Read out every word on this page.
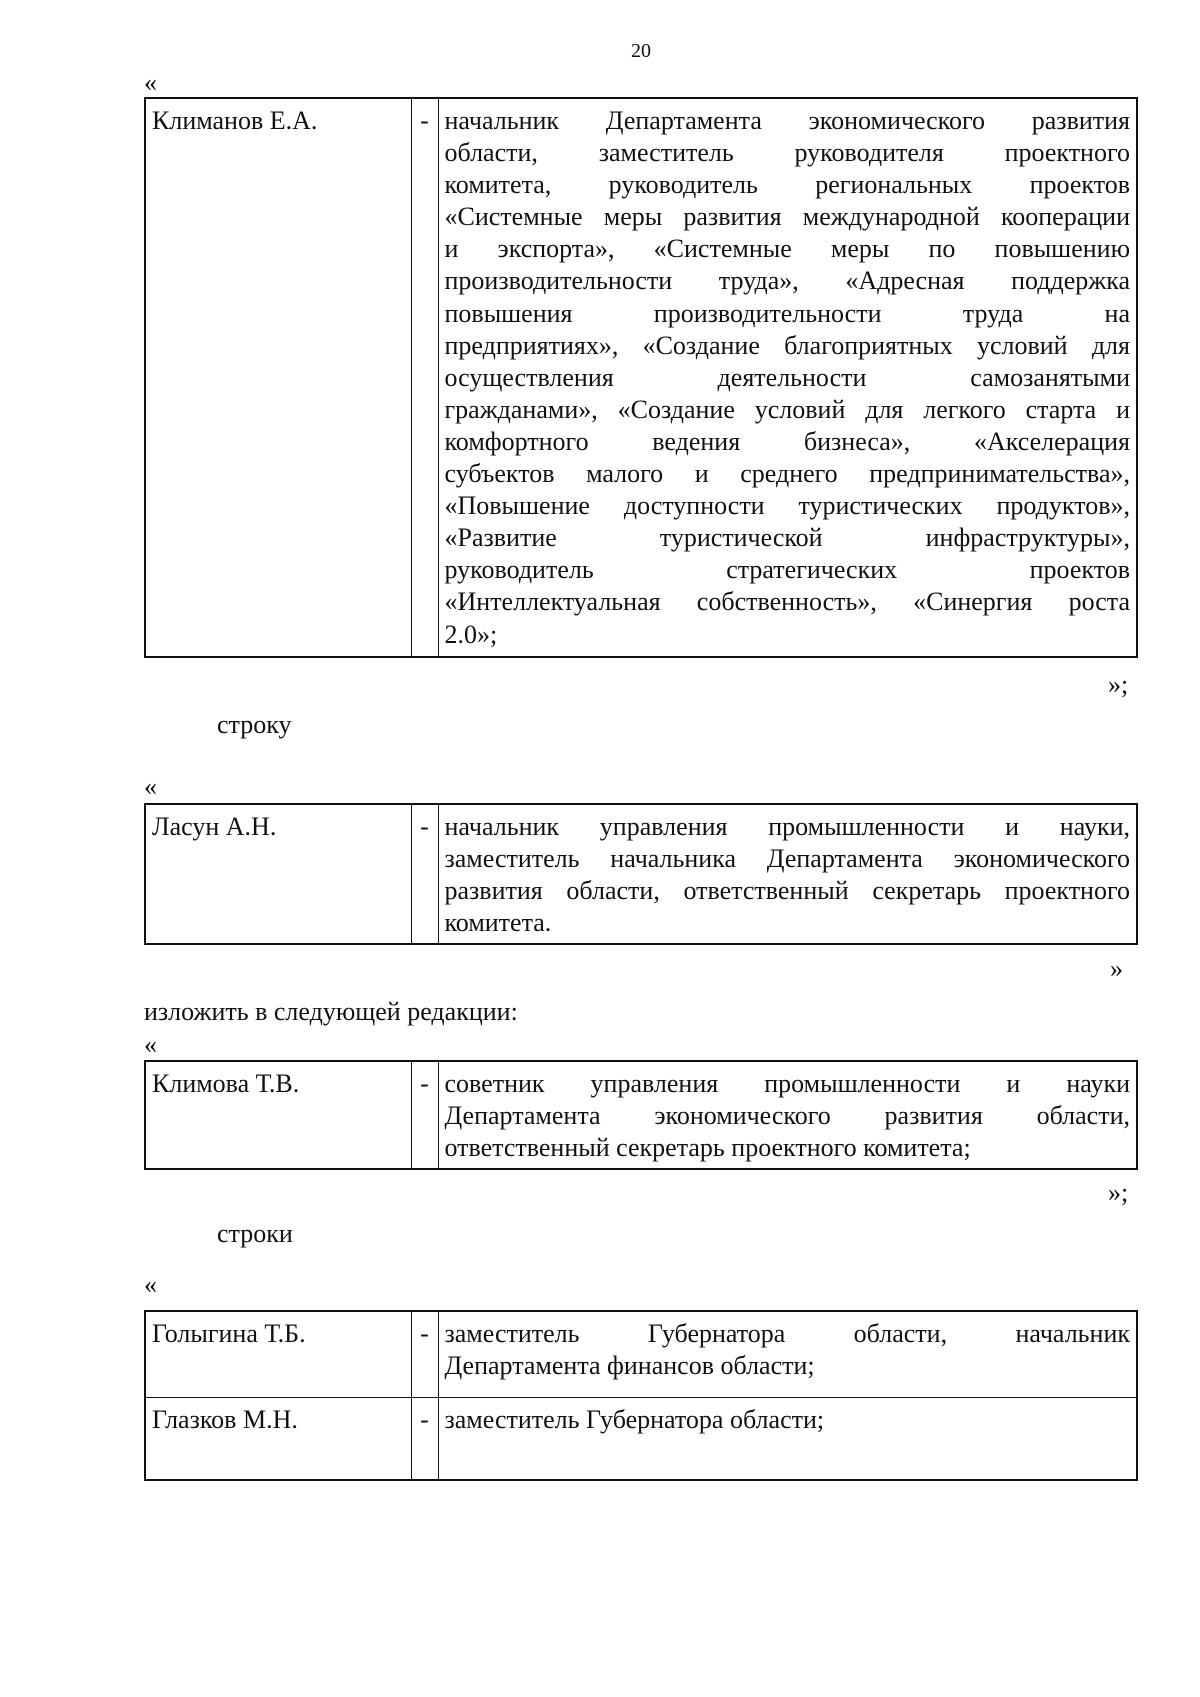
20
«
Климанов Е.А.	-	начальник Департамента экономического развития
области, заместитель руководителя проектного
комитета, руководитель региональных проектов
«Системные меры развития международной кооперации
и экспорта», «Системные меры по повышению
производительности труда», «Адресная поддержка
повышения производительности труда на
предприятиях», «Создание благоприятных условий для
осуществления деятельности самозанятыми
гражданами», «Создание условий для легкого старта и
комфортного ведения бизнеса», «Акселерация
субъектов малого и среднего предпринимательства»,
«Повышение доступности туристических продуктов»,
«Развитие туристической инфраструктуры»,
руководитель стратегических проектов
«Интеллектуальная собственность», «Синергия роста
2.0»;
»;
строку
«
Ласун А.Н.	-	начальник управления промышленности и науки,
заместитель начальника Департамента экономического
развития области, ответственный секретарь проектного
комитета.
»
изложить в следующей редакции:
«
Климова Т.В.	-	советник управления промышленности и науки
Департамента экономического развития области,
ответственный секретарь проектного комитета;
»;
строки
«
Голыгина Т.Б.	-	заместитель Губернатора области, начальник
Департамента финансов области;

Глазков М.Н.	-	заместитель Губернатора области;
